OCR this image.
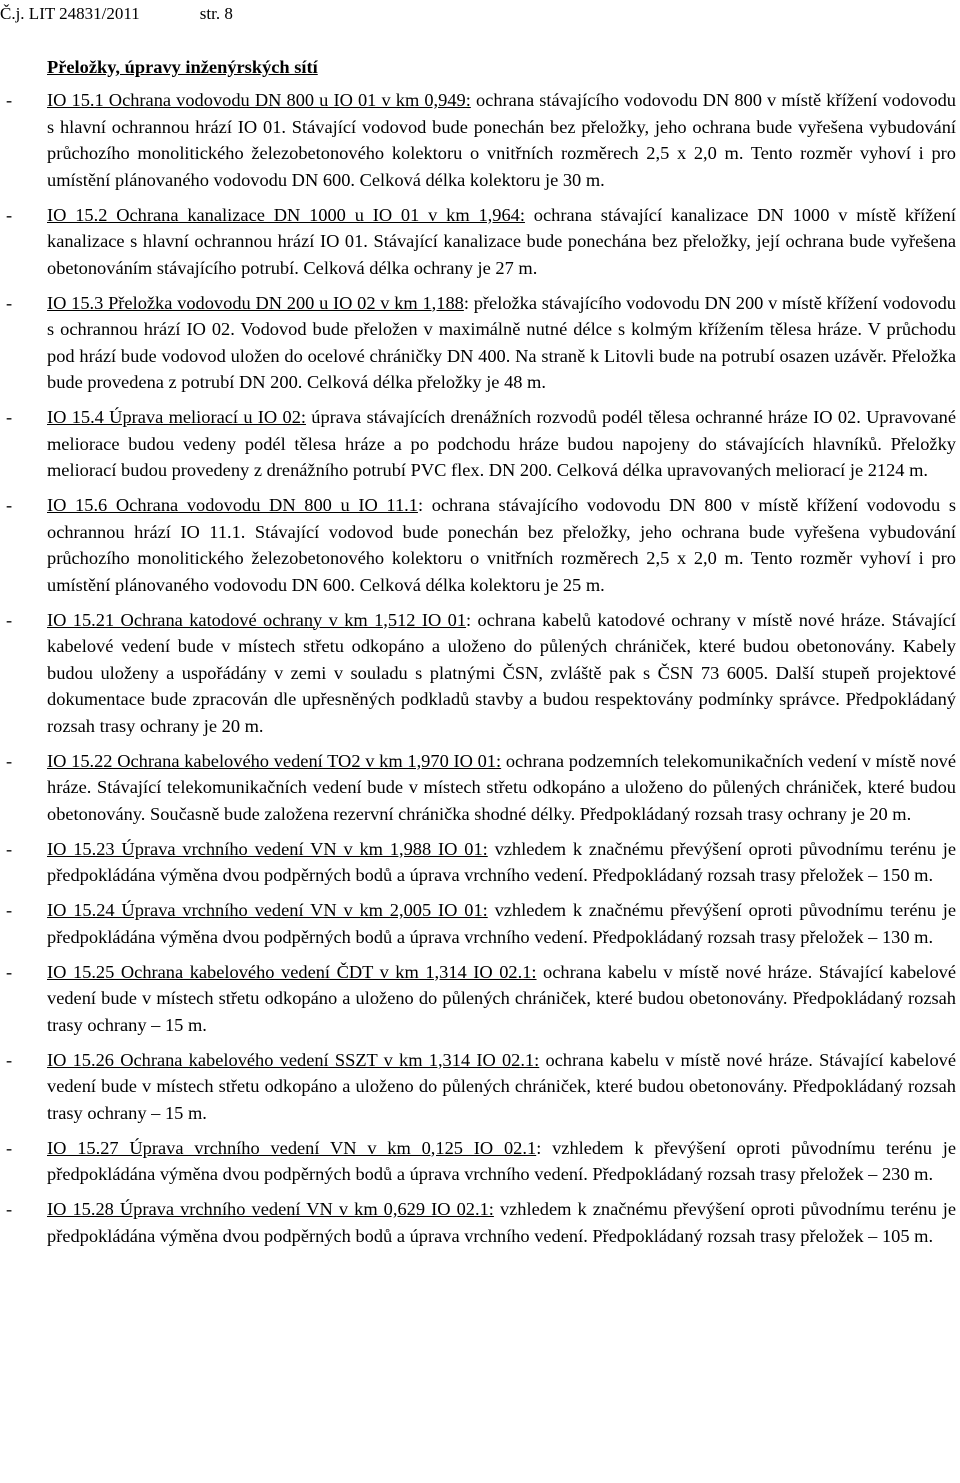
Č.j. LIT 24831/2011	str. 8
Přeložky, úpravy inženýrských sítí
- IO 15.1 Ochrana vodovodu DN 800 u IO 01 v km 0,949: ochrana stávajícího vodovodu DN 800 v místě křížení vodovodu s hlavní ochrannou hrází IO 01. Stávající vodovod bude ponechán bez přeložky, jeho ochrana bude vyřešena vybudování průchozího monolitického železobetonového kolektoru o vnitřních rozměrech 2,5 x 2,0 m. Tento rozměr vyhoví i pro umístění plánovaného vodovodu DN 600. Celková délka kolektoru je 30 m.
- IO 15.2 Ochrana kanalizace DN 1000 u IO 01 v km 1,964: ochrana stávající kanalizace DN 1000 v místě křížení kanalizace s hlavní ochrannou hrází IO 01. Stávající kanalizace bude ponechána bez přeložky, její ochrana bude vyřešena obetonováním stávajícího potrubí. Celková délka ochrany je 27 m.
- IO 15.3 Přeložka vodovodu DN 200 u IO 02 v km 1,188: přeložka stávajícího vodovodu DN 200 v místě křížení vodovodu s ochrannou hrází IO 02. Vodovod bude přeložen v maximálně nutné délce s kolmým křížením tělesa hráze. V průchodu pod hrází bude vodovod uložen do ocelové chráničky DN 400. Na straně k Litovli bude na potrubí osazen uzávěr. Přeložka bude provedena z potrubí DN 200. Celková délka přeložky je 48 m.
- IO 15.4 Úprava meliorací u IO 02: úprava stávajících drenážních rozvodů podél tělesa ochranné hráze IO 02. Upravované meliorace budou vedeny podél tělesa hráze a po podchodu hráze budou napojeny do stávajících hlavníků. Přeložky meliorací budou provedeny z drenážního potrubí PVC flex. DN 200. Celková délka upravovaných meliorací je 2124 m.
- IO 15.6 Ochrana vodovodu DN 800 u IO 11.1: ochrana stávajícího vodovodu DN 800 v místě křížení vodovodu s ochrannou hrází IO 11.1. Stávající vodovod bude ponechán bez přeložky, jeho ochrana bude vyřešena vybudování průchozího monolitického železobetonového kolektoru o vnitřních rozměrech 2,5 x 2,0 m. Tento rozměr vyhoví i pro umístění plánovaného vodovodu DN 600. Celková délka kolektoru je 25 m.
- IO 15.21 Ochrana katodové ochrany v km 1,512 IO 01: ochrana kabelů katodové ochrany v místě nové hráze. Stávající kabelové vedení bude v místech střetu odkopáno a uloženo do půlených chrániček, které budou obetonovány. Kabely budou uloženy a uspořádány v zemi v souladu s platnými ČSN, zvláště pak s ČSN 73 6005. Další stupeň projektové dokumentace bude zpracován dle upřesněných podkladů stavby a budou respektovány podmínky správce. Předpokládaný rozsah trasy ochrany je 20 m.
- IO 15.22 Ochrana kabelového vedení TO2 v km 1,970 IO 01: ochrana podzemních telekomunikačních vedení v místě nové hráze. Stávající telekomunikačních vedení bude v místech střetu odkopáno a uloženo do půlených chrániček, které budou obetonovány. Současně bude založena rezervní chránička shodné délky. Předpokládaný rozsah trasy ochrany je 20 m.
- IO 15.23 Úprava vrchního vedení VN v km 1,988 IO 01: vzhledem k značnému převýšení oproti původnímu terénu je předpokládána výměna dvou podpěrných bodů a úprava vrchního vedení. Předpokládaný rozsah trasy přeložek – 150 m.
- IO 15.24 Úprava vrchního vedení VN v km 2,005 IO 01: vzhledem k značnému převýšení oproti původnímu terénu je předpokládána výměna dvou podpěrných bodů a úprava vrchního vedení. Předpokládaný rozsah trasy přeložek – 130 m.
- IO 15.25 Ochrana kabelového vedení ČDT v km 1,314 IO 02.1: ochrana kabelu v místě nové hráze. Stávající kabelové vedení bude v místech střetu odkopáno a uloženo do půlených chrániček, které budou obetonovány. Předpokládaný rozsah trasy ochrany – 15 m.
- IO 15.26 Ochrana kabelového vedení SSZT v km 1,314 IO 02.1: ochrana kabelu v místě nové hráze. Stávající kabelové vedení bude v místech střetu odkopáno a uloženo do půlených chrániček, které budou obetonovány. Předpokládaný rozsah trasy ochrany – 15 m.
- IO 15.27 Úprava vrchního vedení VN v km 0,125 IO 02.1: vzhledem k převýšení oproti původnímu terénu je předpokládána výměna dvou podpěrných bodů a úprava vrchního vedení. Předpokládaný rozsah trasy přeložek – 230 m.
- IO 15.28 Úprava vrchního vedení VN v km 0,629 IO 02.1: vzhledem k značnému převýšení oproti původnímu terénu je předpokládána výměna dvou podpěrných bodů a úprava vrchního vedení. Předpokládaný rozsah trasy přeložek – 105 m.
